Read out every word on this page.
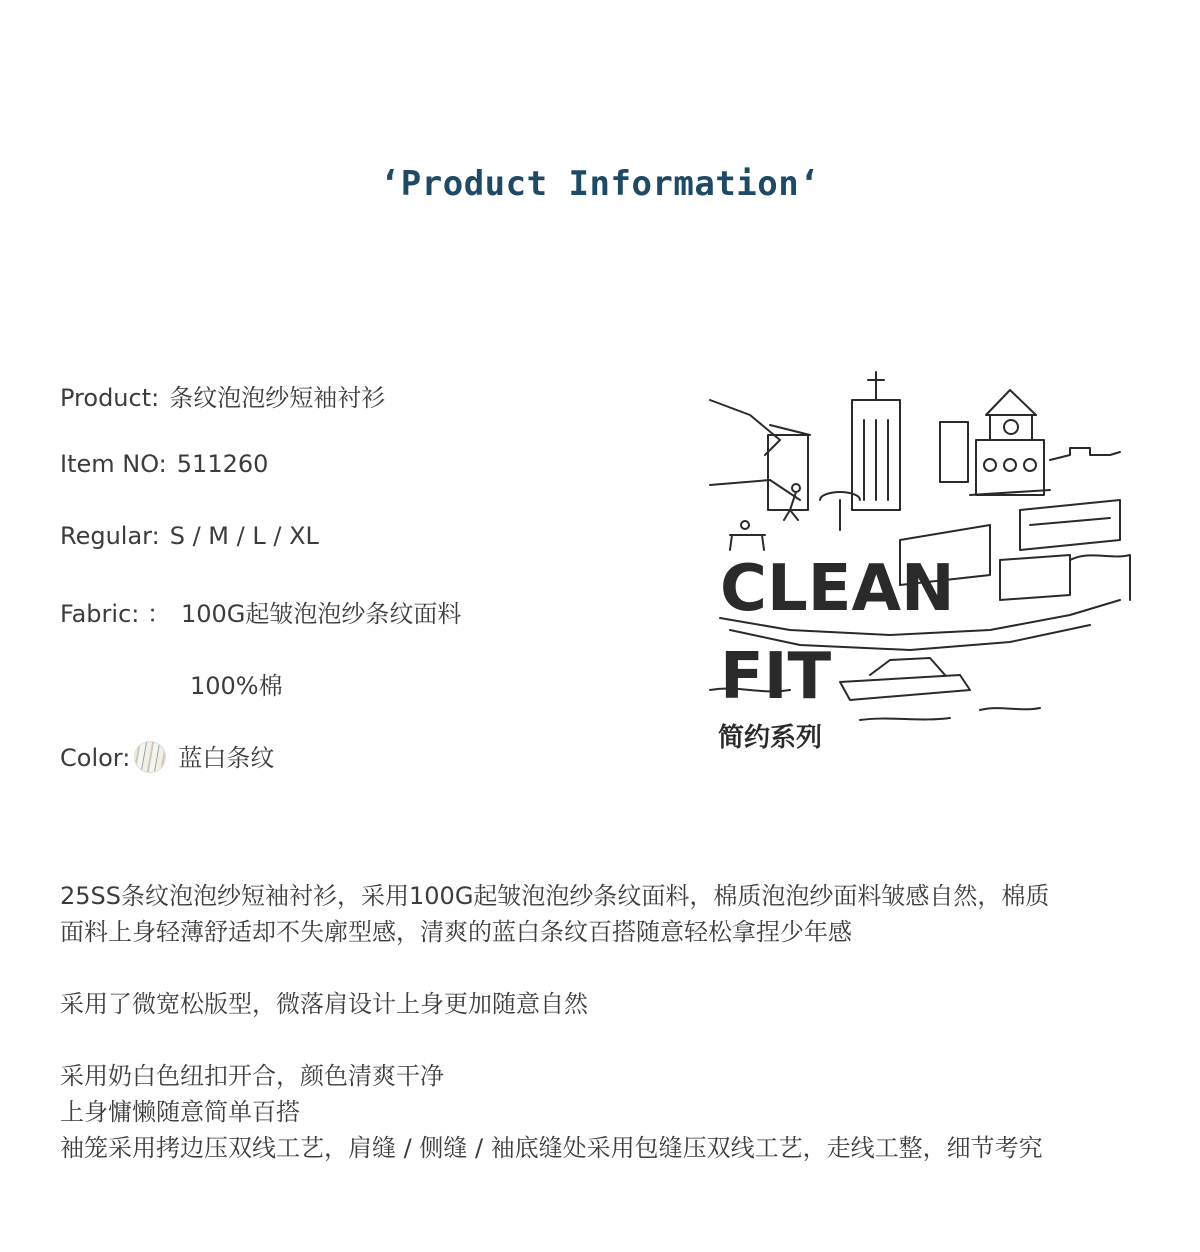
‘Product Information‘
Product: 条纹泡泡纱短袖衬衫
Item NO: 511260
Regular: S / M / L / XL
Fabric: ： 100G起皱泡泡纱条纹面料
100%棉
Color: 蓝白条纹
CLEAN
FIT
简约系列

25SS条纹泡泡纱短袖衬衫，采用100G起皱泡泡纱条纹面料，棉质泡泡纱面料皱感自然，棉质

面料上身轻薄舒适却不失廓型感，清爽的蓝白条纹百搭随意轻松拿捏少年感

采用了微宽松版型，微落肩设计上身更加随意自然

采用奶白色纽扣开合，颜色清爽干净

上身慵懒随意简单百搭

袖笼采用拷边压双线工艺，肩缝 / 侧缝 / 袖底缝处采用包缝压双线工艺，走线工整，细节考究
